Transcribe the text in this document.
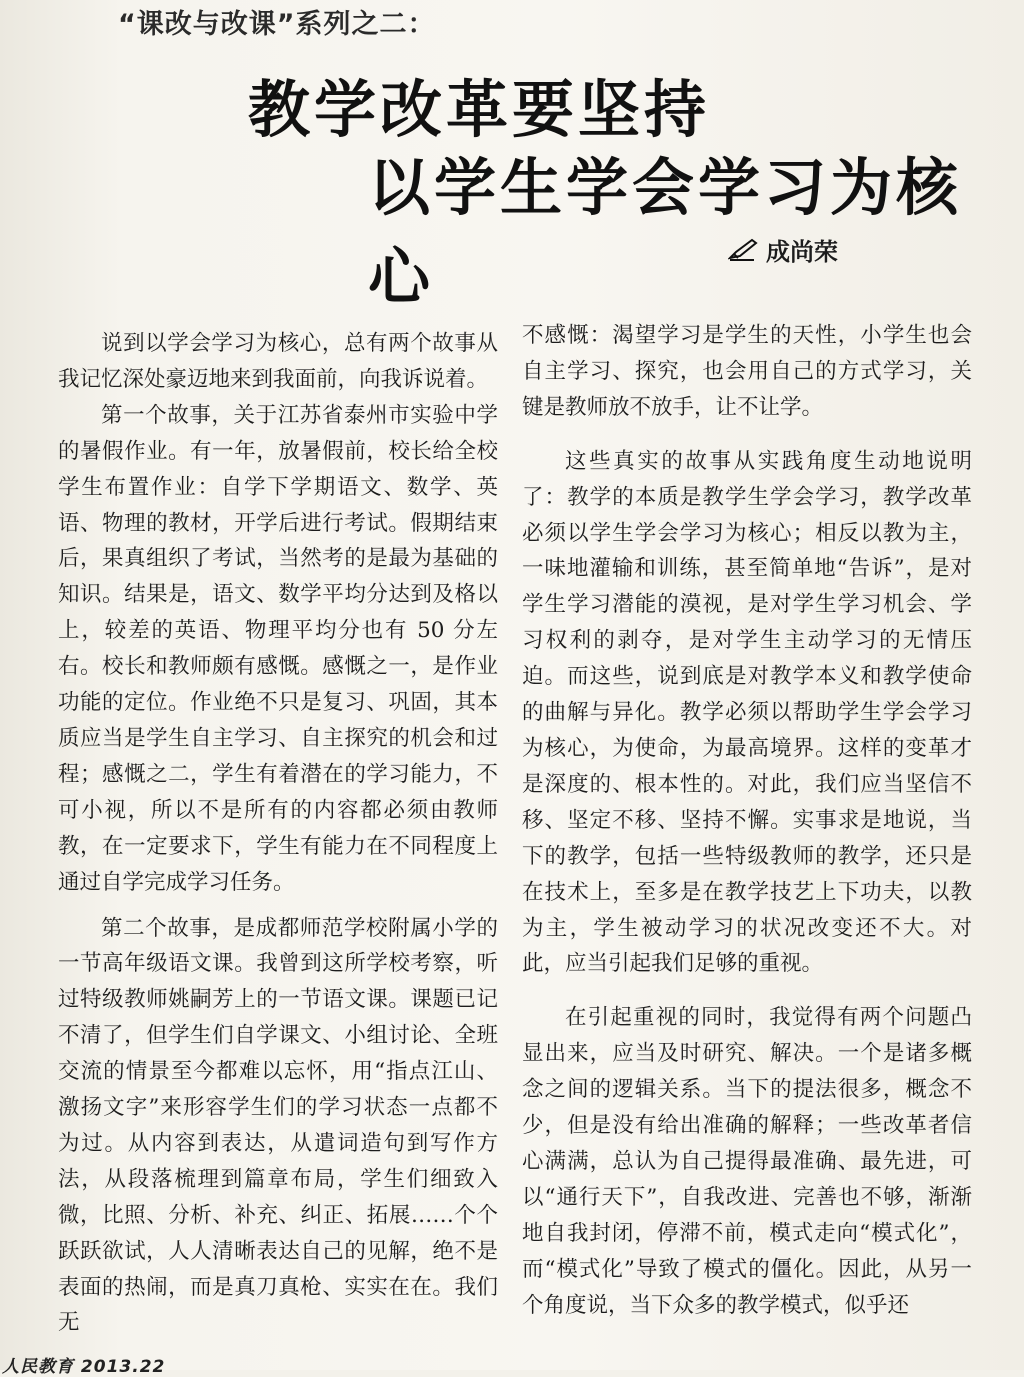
“课改与改课”系列之二：
教学改革要坚持
以学生学会学习为核心	成尚荣

说到以学会学习为核心，总有两个故事从我记忆深处豪迈地来到我面前，向我诉说着。

第一个故事，关于江苏省泰州市实验中学的暑假作业。有一年，放暑假前，校长给全校学生布置作业：自学下学期语文、数学、英语、物理的教材，开学后进行考试。假期结束后，果真组织了考试，当然考的是最为基础的知识。结果是，语文、数学平均分达到及格以上，较差的英语、物理平均分也有 50 分左右。校长和教师颇有感慨。感慨之一，是作业功能的定位。作业绝不只是复习、巩固，其本质应当是学生自主学习、自主探究的机会和过程；感慨之二，学生有着潜在的学习能力，不可小视，所以不是所有的内容都必须由教师教，在一定要求下，学生有能力在不同程度上通过自学完成学习任务。

第二个故事，是成都师范学校附属小学的一节高年级语文课。我曾到这所学校考察，听过特级教师姚嗣芳上的一节语文课。课题已记不清了，但学生们自学课文、小组讨论、全班交流的情景至今都难以忘怀，用“指点江山、激扬文字”来形容学生们的学习状态一点都不为过。从内容到表达，从遣词造句到写作方法，从段落梳理到篇章布局，学生们细致入微，比照、分析、补充、纠正、拓展……个个跃跃欲试，人人清晰表达自己的见解，绝不是表面的热闹，而是真刀真枪、实实在在。我们无

不感慨：渴望学习是学生的天性，小学生也会自主学习、探究，也会用自己的方式学习，关键是教师放不放手，让不让学。

这些真实的故事从实践角度生动地说明了：教学的本质是教学生学会学习，教学改革必须以学生学会学习为核心；相反以教为主，一味地灌输和训练，甚至简单地“告诉”，是对学生学习潜能的漠视，是对学生学习机会、学习权利的剥夺，是对学生主动学习的无情压迫。而这些，说到底是对教学本义和教学使命的曲解与异化。教学必须以帮助学生学会学习为核心，为使命，为最高境界。这样的变革才是深度的、根本性的。对此，我们应当坚信不移、坚定不移、坚持不懈。实事求是地说，当下的教学，包括一些特级教师的教学，还只是在技术上，至多是在教学技艺上下功夫，以教为主，学生被动学习的状况改变还不大。对此，应当引起我们足够的重视。

在引起重视的同时，我觉得有两个问题凸显出来，应当及时研究、解决。一个是诸多概念之间的逻辑关系。当下的提法很多，概念不少，但是没有给出准确的解释；一些改革者信心满满，总认为自己提得最准确、最先进，可以“通行天下”，自我改进、完善也不够，渐渐地自我封闭，停滞不前，模式走向“模式化”，而“模式化”导致了模式的僵化。因此，从另一个角度说，当下众多的教学模式，似乎还

人民教育 2013.22
